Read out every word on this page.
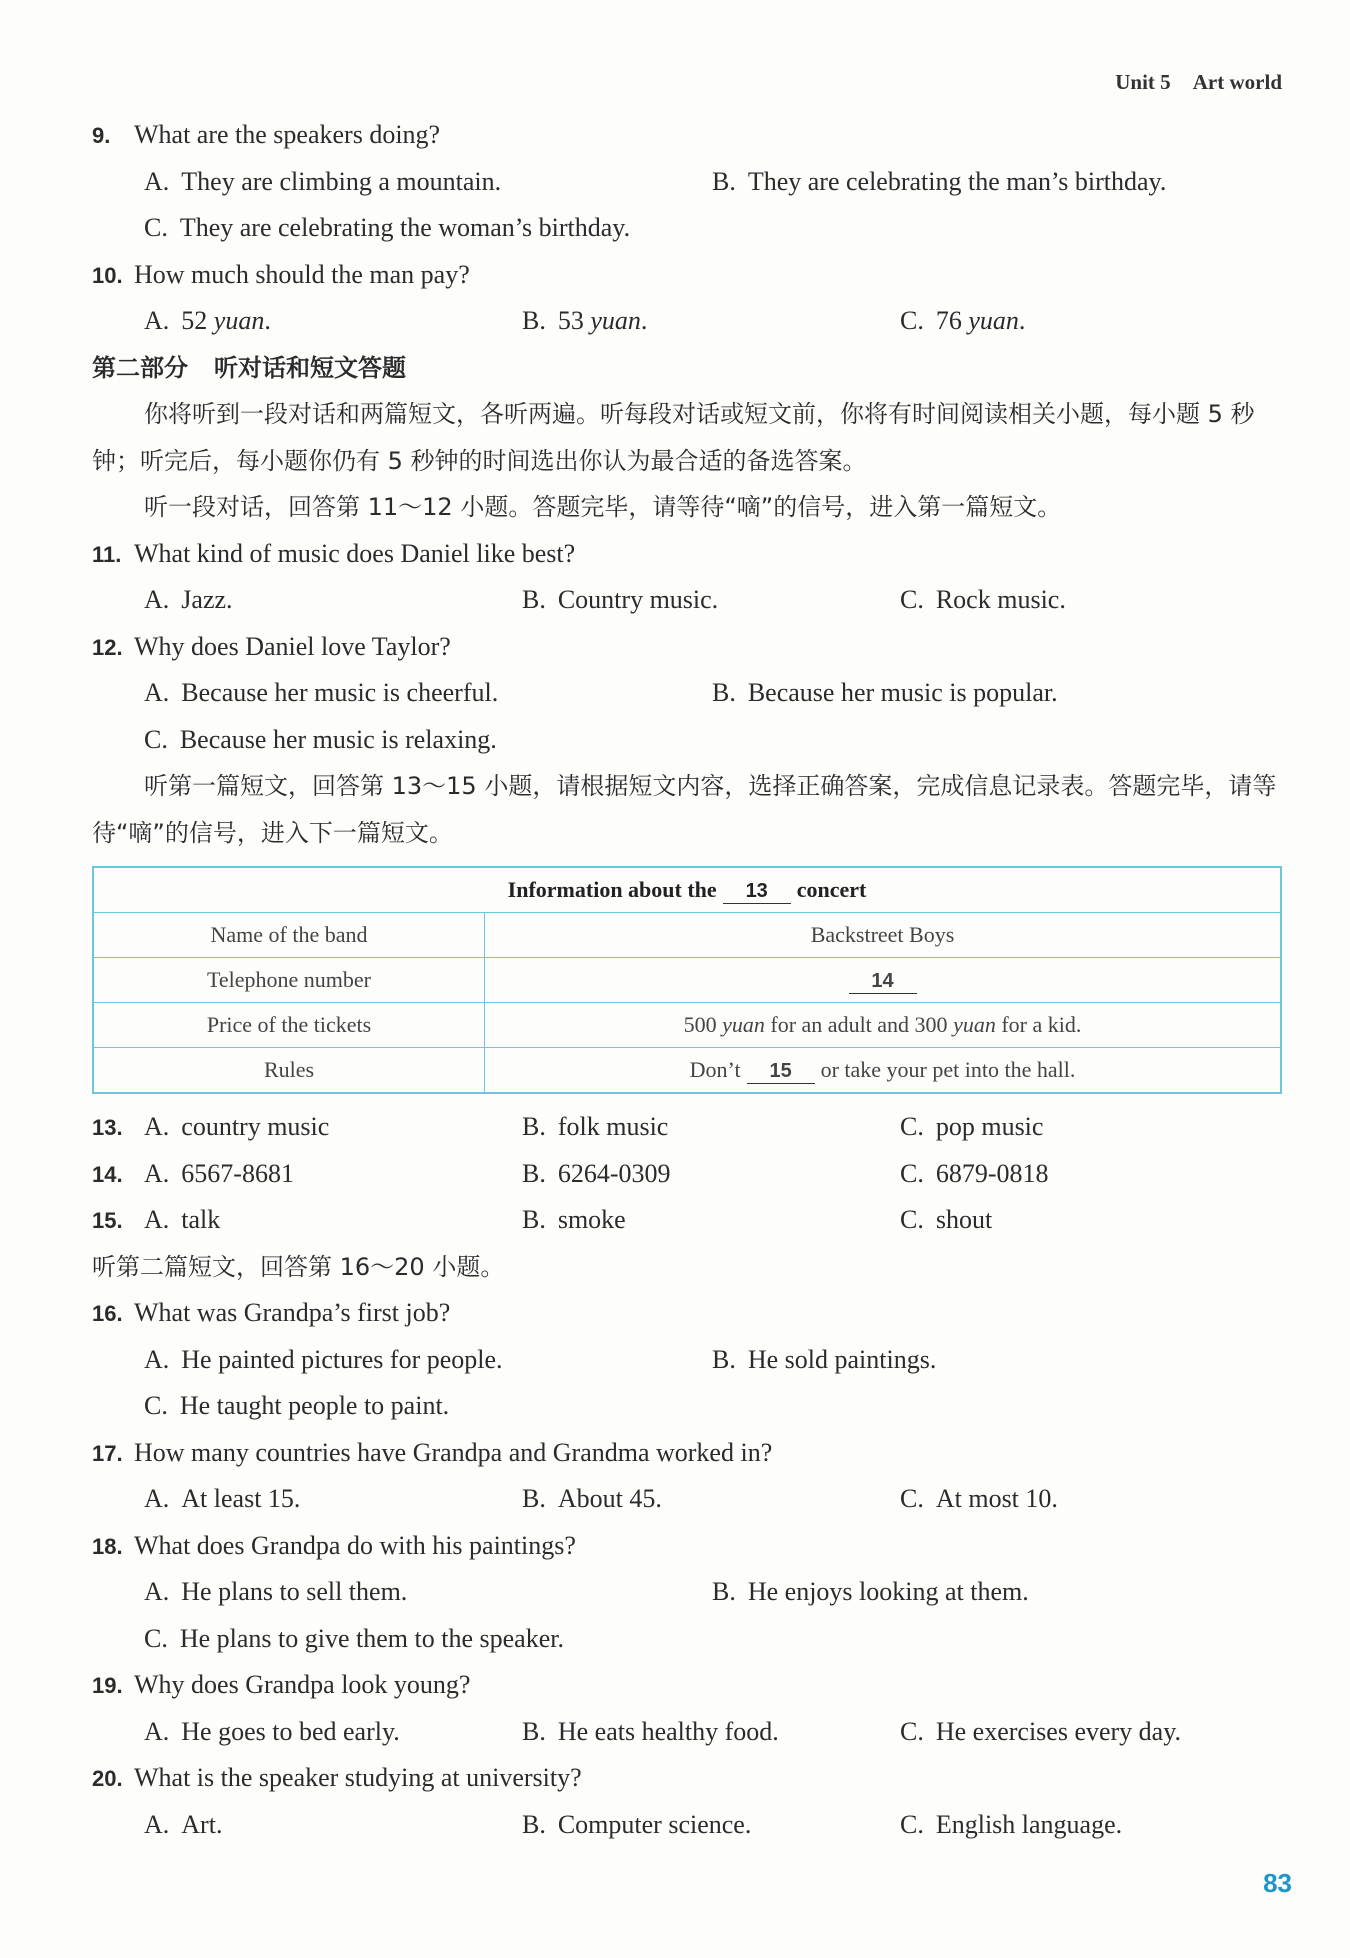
Unit 5 Art world
9. What are the speakers doing?
A. They are climbing a mountain.	B. They are celebrating the man’s birthday.
C. They are celebrating the woman’s birthday.
10. How much should the man pay?
A. 52 yuan.	B. 53 yuan.	C. 76 yuan.
第二部分 听对话和短文答题
你将听到一段对话和两篇短文，各听两遍。听每段对话或短文前，你将有时间阅读相关小题，每小题 5 秒钟；听完后，每小题你仍有 5 秒钟的时间选出你认为最合适的备选答案。
听一段对话，回答第 11～12 小题。答题完毕，请等待“嘀”的信号，进入第一篇短文。
11. What kind of music does Daniel like best?
A. Jazz.	B. Country music.	C. Rock music.
12. Why does Daniel love Taylor?
A. Because her music is cheerful.	B. Because her music is popular.
C. Because her music is relaxing.
听第一篇短文，回答第 13～15 小题，请根据短文内容，选择正确答案，完成信息记录表。答题完毕，请等待“嘀”的信号，进入下一篇短文。
Information about the 13 concert	
Name of the band	Backstreet Boys
Telephone number	14
Price of the tickets	500 yuan for an adult and 300 yuan for a kid.
Rules	Don’t 15 or take your pet into the hall.
13. A. country music	B. folk music	C. pop music
14. A. 6567-8681	B. 6264-0309	C. 6879-0818
15. A. talk	B. smoke	C. shout
听第二篇短文，回答第 16～20 小题。
16. What was Grandpa’s first job?
A. He painted pictures for people.	B. He sold paintings.
C. He taught people to paint.
17. How many countries have Grandpa and Grandma worked in?
A. At least 15.	B. About 45.	C. At most 10.
18. What does Grandpa do with his paintings?
A. He plans to sell them.	B. He enjoys looking at them.
C. He plans to give them to the speaker.
19. Why does Grandpa look young?
A. He goes to bed early.	B. He eats healthy food.	C. He exercises every day.
20. What is the speaker studying at university?
A. Art.	B. Computer science.	C. English language.
83
